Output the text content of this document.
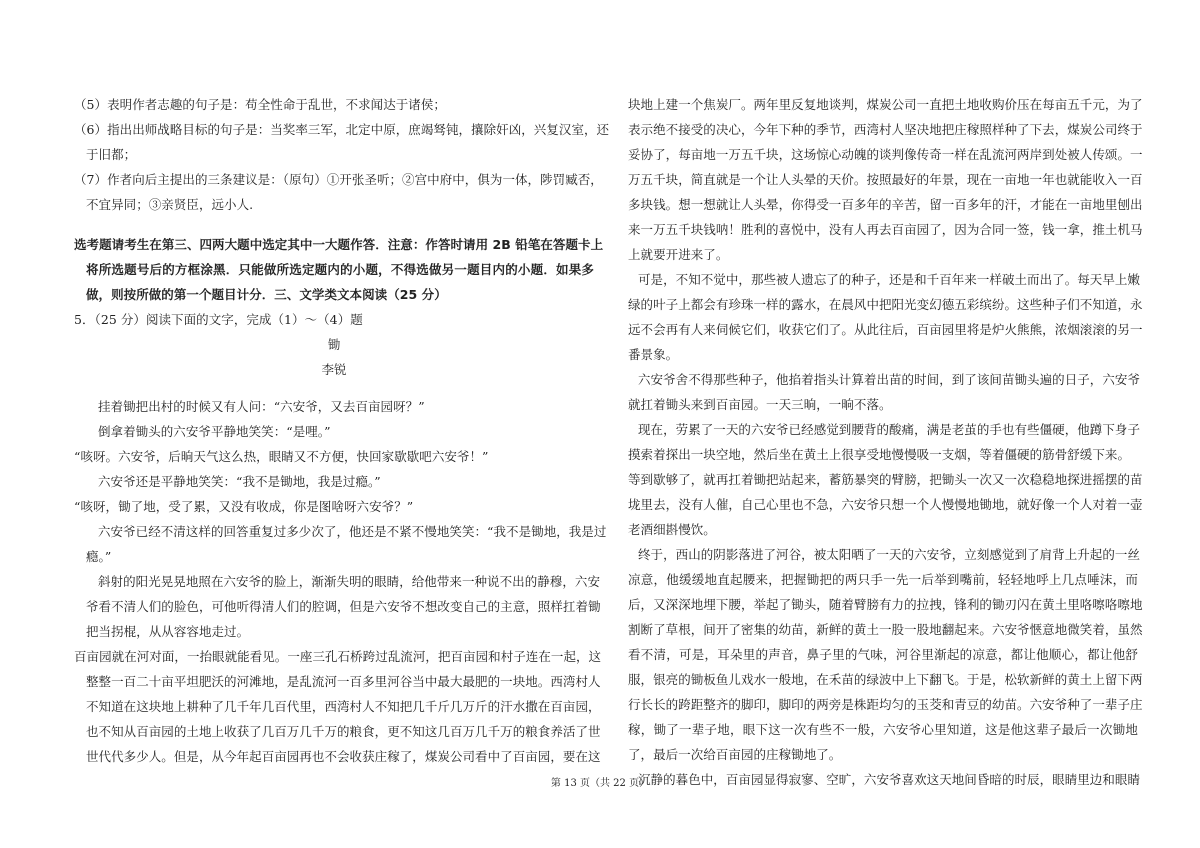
（5）表明作者志趣的句子是：苟全性命于乱世，不求闻达于诸侯；
（6）指出出师战略目标的句子是：当奖率三军，北定中原，庶竭驽钝，攘除奸凶，兴复汉室，还
于旧都；
（7）作者向后主提出的三条建议是：（原句）①开张圣听；②宫中府中，俱为一体，陟罚臧否，
不宜异同；③亲贤臣，远小人.
选考题请考生在第三、四两大题中选定其中一大题作答．注意：作答时请用 2B 铅笔在答题卡上
将所选题号后的方框涂黑．只能做所选定题内的小题，不得选做另一题目内的小题．如果多
做，则按所做的第一个题目计分．三、文学类文本阅读（25 分）
5．（25 分）阅读下面的文字，完成（1）～（4）题
锄
李锐
挂着锄把出村的时候又有人问：“六安爷，又去百亩园呀？”
倒拿着锄头的六安爷平静地笑笑：“是哩。”
“咳呀。六安爷，后晌天气这么热，眼睛又不方便，快回家歇歇吧六安爷！”
六安爷还是平静地笑笑：“我不是锄地，我是过瘾。”
“咳呀，锄了地，受了累，又没有收成，你是图啥呀六安爷？”
六安爷已经不清这样的回答重复过多少次了，他还是不紧不慢地笑笑：“我不是锄地，我是过
瘾。”
斜射的阳光晃晃地照在六安爷的脸上，渐渐失明的眼睛，给他带来一种说不出的静穆，六安
爷看不清人们的脸色，可他听得清人们的腔调，但是六安爷不想改变自己的主意，照样扛着锄
把当拐棍，从从容容地走过。
百亩园就在河对面，一抬眼就能看见。一座三孔石桥跨过乱流河，把百亩园和村子连在一起，这
整整一百二十亩平坦肥沃的河滩地，是乱流河一百多里河谷当中最大最肥的一块地。西湾村人
不知道在这块地上耕种了几千年几百代里，西湾村人不知把几千斤几万斤的汗水撒在百亩园，
也不知从百亩园的土地上收获了几百万几千万的粮食，更不知这几百万几千万的粮食养活了世
世代代多少人。但是，从今年起百亩园再也不会收获庄稼了，煤炭公司看中了百亩园，要在这
块地上建一个焦炭厂。两年里反复地谈判，煤炭公司一直把土地收购价压在每亩五千元，为了
表示绝不接受的决心，今年下种的季节，西湾村人坚决地把庄稼照样种了下去，煤炭公司终于
妥协了，每亩地一万五千块，这场惊心动魄的谈判像传奇一样在乱流河两岸到处被人传颂。一
万五千块，简直就是一个让人头晕的天价。按照最好的年景，现在一亩地一年也就能收入一百
多块钱。想一想就让人头晕，你得受一百多年的辛苦，留一百多年的汗，才能在一亩地里刨出
来一万五千块钱呐！胜利的喜悦中，没有人再去百亩园了，因为合同一签，钱一拿，推土机马
上就要开进来了。
可是，不知不觉中，那些被人遗忘了的种子，还是和千百年来一样破土而出了。每天早上嫩
绿的叶子上都会有珍珠一样的露水，在晨风中把阳光变幻德五彩缤纷。这些种子们不知道，永
远不会再有人来伺候它们，收获它们了。从此往后，百亩园里将是炉火熊熊，浓烟滚滚的另一
番景象。
六安爷舍不得那些种子，他掐着指头计算着出苗的时间，到了该间苗锄头遍的日子，六安爷
就扛着锄头来到百亩园。一天三晌，一晌不落。
现在，劳累了一天的六安爷已经感觉到腰背的酸痛，满是老茧的手也有些僵硬，他蹲下身子
摸索着探出一块空地，然后坐在黄土上很享受地慢慢吸一支烟，等着僵硬的筋骨舒缓下来。
等到歇够了，就再扛着锄把站起来，蓄筋暴突的臂膀，把锄头一次又一次稳稳地探进摇摆的苗
垅里去，没有人催，自己心里也不急，六安爷只想一个人慢慢地锄地，就好像一个人对着一壶
老酒细斟慢饮。
终于，西山的阴影落进了河谷，被太阳晒了一天的六安爷，立刻感觉到了肩背上升起的一丝
凉意，他缓缓地直起腰来，把握锄把的两只手一先一后举到嘴前，轻轻地呼上几点唾沫，而
后，又深深地埋下腰，举起了锄头，随着臂膀有力的拉拽，锋利的锄刃闪在黄土里咯嚓咯嚓地
割断了草根，间开了密集的幼苗，新鲜的黄土一股一股地翻起来。六安爷惬意地微笑着，虽然
看不清，可是，耳朵里的声音，鼻子里的气味，河谷里渐起的凉意，都让他顺心，都让他舒
服，银亮的锄板鱼儿戏水一般地，在禾苗的绿波中上下翻飞。于是，松软新鲜的黄土上留下两
行长长的跨距整齐的脚印，脚印的两旁是株距均匀的玉茭和青豆的幼苗。六安爷种了一辈子庄
稼，锄了一辈子地，眼下这一次有些不一般，六安爷心里知道，这是他这辈子最后一次锄地
了，最后一次给百亩园的庄稼锄地了。
沉静的暮色中，百亩园显得寂寥、空旷，六安爷喜欢这天地间昏暗的时辰，眼睛里边和眼睛
第 13 页（共 22 页）
